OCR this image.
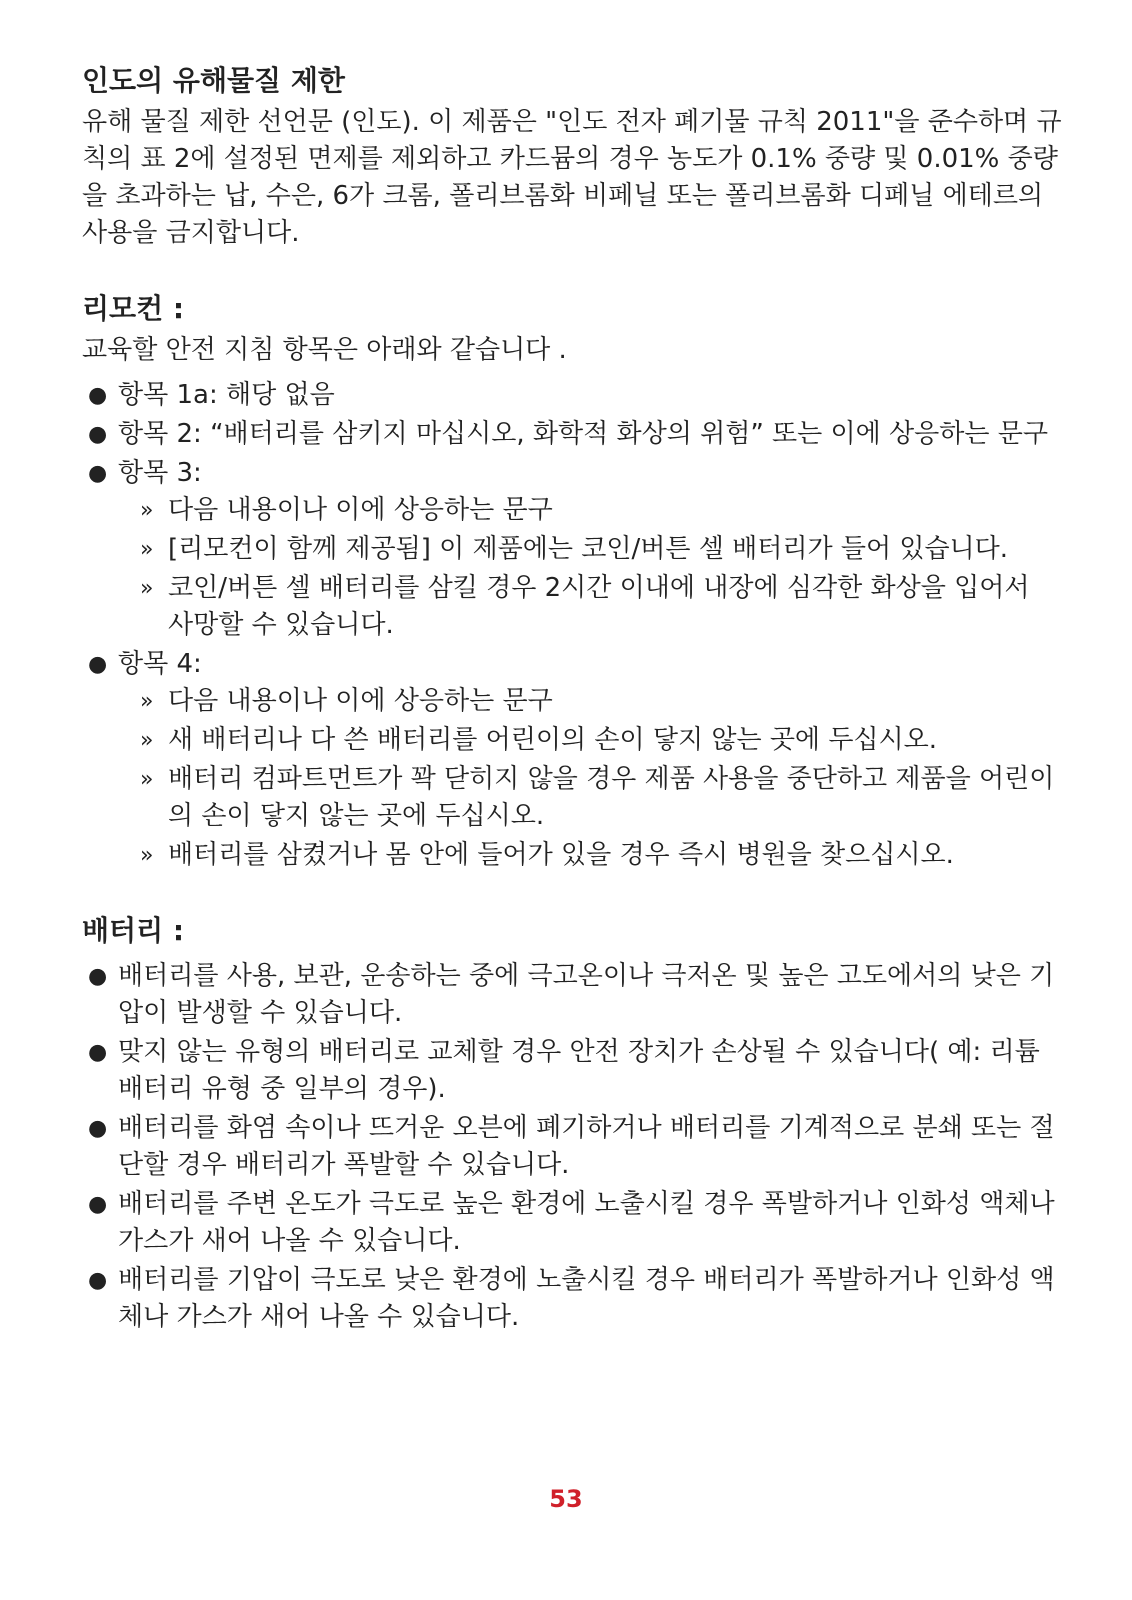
인도의 유해물질 제한

유해 물질 제한 선언문 (인도). 이 제품은 "인도 전자 폐기물 규칙 2011"을 준수하며 규칙의 표 2에 설정된 면제를 제외하고 카드뮴의 경우 농도가 0.1% 중량 및 0.01% 중량을 초과하는 납, 수은, 6가 크롬, 폴리브롬화 비페닐 또는 폴리브롬화 디페닐 에테르의 사용을 금지합니다.

리모컨 :

교육할 안전 지침 항목은 아래와 같습니다 .

● 항목 1a: 해당 없음
● 항목 2: “배터리를 삼키지 마십시오, 화학적 화상의 위험” 또는 이에 상응하는 문구
● 항목 3:
» 다음 내용이나 이에 상응하는 문구
» [리모컨이 함께 제공됨] 이 제품에는 코인/버튼 셀 배터리가 들어 있습니다.
» 코인/버튼 셀 배터리를 삼킬 경우 2시간 이내에 내장에 심각한 화상을 입어서 사망할 수 있습니다.
● 항목 4:
» 다음 내용이나 이에 상응하는 문구
» 새 배터리나 다 쓴 배터리를 어린이의 손이 닿지 않는 곳에 두십시오.
» 배터리 컴파트먼트가 꽉 닫히지 않을 경우 제품 사용을 중단하고 제품을 어린이의 손이 닿지 않는 곳에 두십시오.
» 배터리를 삼켰거나 몸 안에 들어가 있을 경우 즉시 병원을 찾으십시오.
배터리 :
● 배터리를 사용, 보관, 운송하는 중에 극고온이나 극저온 및 높은 고도에서의 낮은 기압이 발생할 수 있습니다.
● 맞지 않는 유형의 배터리로 교체할 경우 안전 장치가 손상될 수 있습니다( 예: 리튬 배터리 유형 중 일부의 경우).
● 배터리를 화염 속이나 뜨거운 오븐에 폐기하거나 배터리를 기계적으로 분쇄 또는 절단할 경우 배터리가 폭발할 수 있습니다.
● 배터리를 주변 온도가 극도로 높은 환경에 노출시킬 경우 폭발하거나 인화성 액체나 가스가 새어 나올 수 있습니다.
● 배터리를 기압이 극도로 낮은 환경에 노출시킬 경우 배터리가 폭발하거나 인화성 액체나 가스가 새어 나올 수 있습니다.
53
